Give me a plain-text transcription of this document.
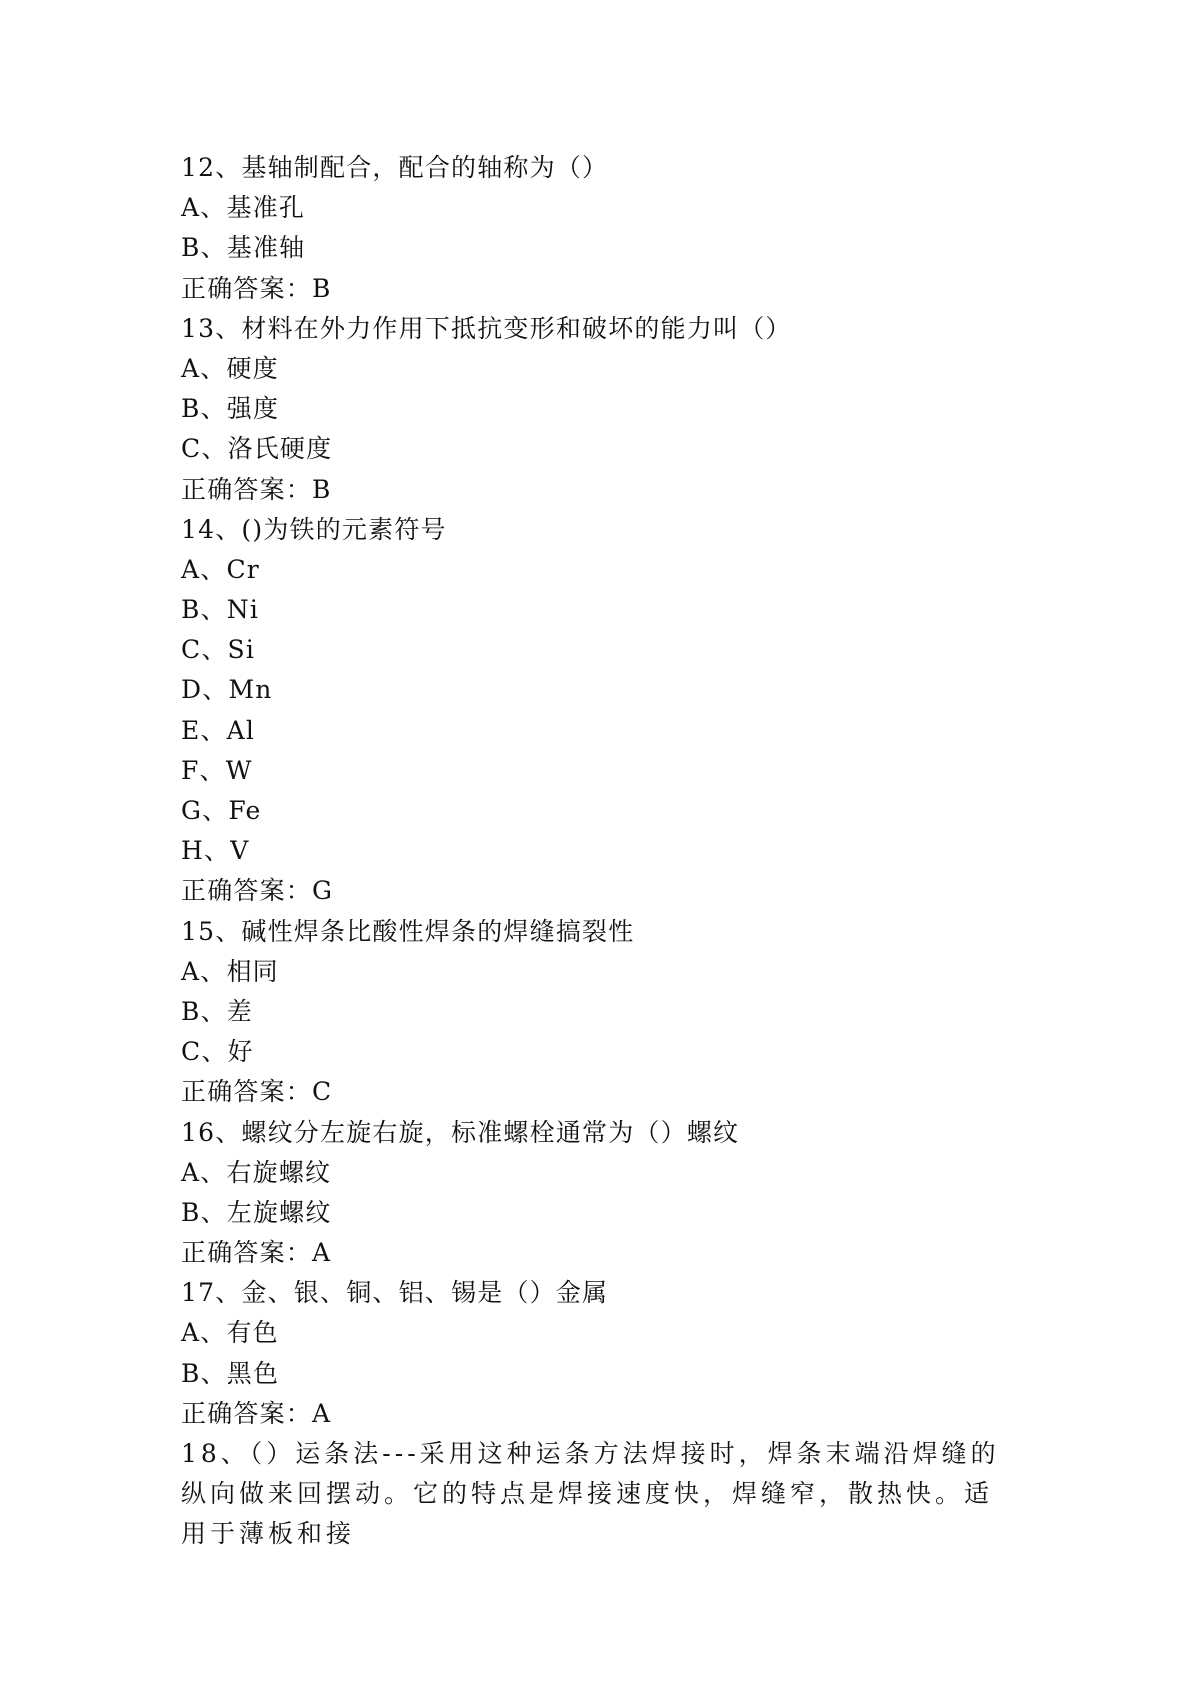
12、基轴制配合，配合的轴称为（）
A、基准孔
B、基准轴
正确答案：B
13、材料在外力作用下抵抗变形和破坏的能力叫（）
A、硬度
B、强度
C、洛氏硬度
正确答案：B
14、()为铁的元素符号
A、Cr
B、Ni
C、Si
D、Mn
E、Al
F、W
G、Fe
H、V
正确答案：G
15、碱性焊条比酸性焊条的焊缝搞裂性
A、相同
B、差
C、好
正确答案：C
16、螺纹分左旋右旋，标准螺栓通常为（）螺纹
A、右旋螺纹
B、左旋螺纹
正确答案：A
17、金、银、铜、铝、锡是（）金属
A、有色
B、黑色
正确答案：A
18、（）运条法---采用这种运条方法焊接时，焊条末端沿焊缝的纵向做来回摆动。它的特点是焊接速度快，焊缝窄，散热快。适用于薄板和接
